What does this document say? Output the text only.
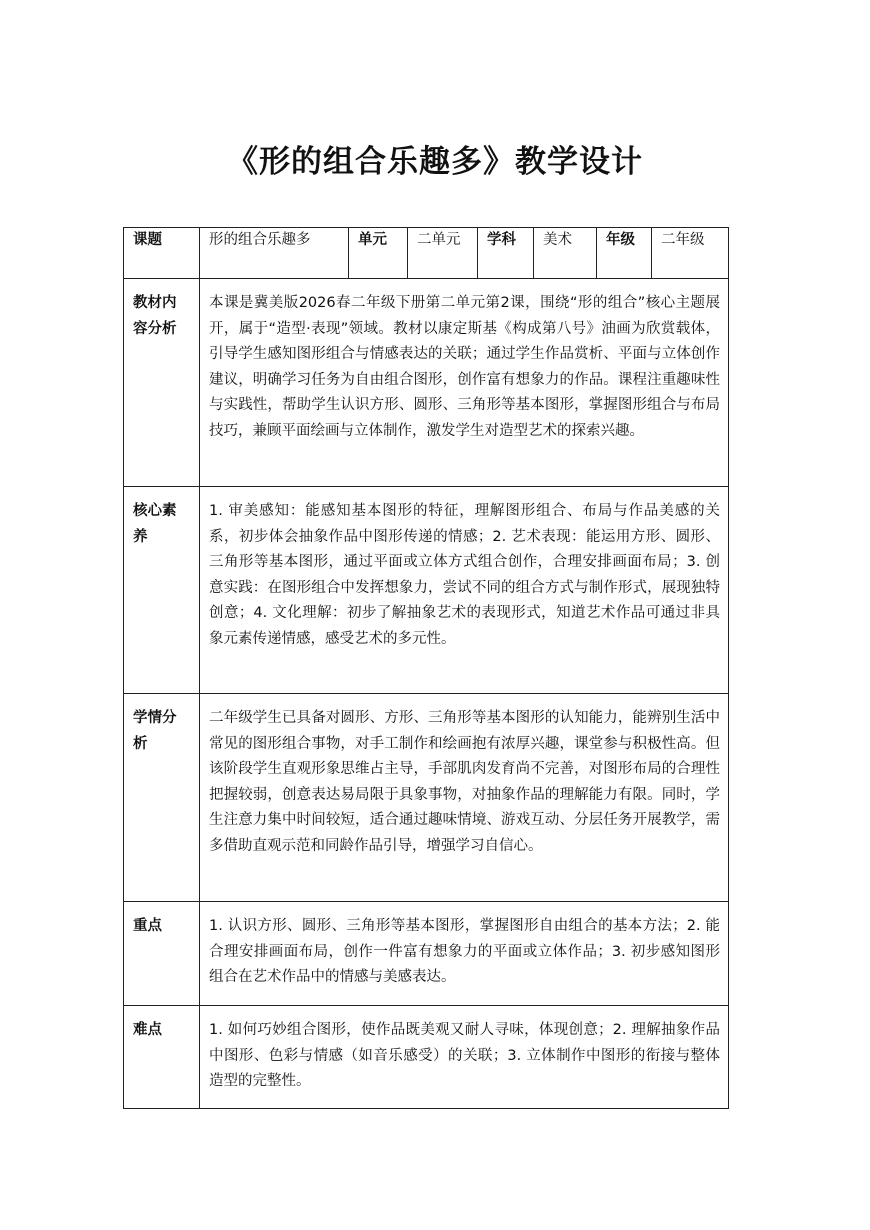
《形的组合乐趣多》教学设计
课题	形的组合乐趣多	单元	二单元	学科	美术	年级	二年级

教材内容分析	本课是冀美版2026春二年级下册第二单元第2课，围绕“形的组合”核心主题展开，属于“造型·表现”领域。教材以康定斯基《构成第八号》油画为欣赏载体，引导学生感知图形组合与情感表达的关联；通过学生作品赏析、平面与立体创作建议，明确学习任务为自由组合图形，创作富有想象力的作品。课程注重趣味性与实践性，帮助学生认识方形、圆形、三角形等基本图形，掌握图形组合与布局技巧，兼顾平面绘画与立体制作，激发学生对造型艺术的探索兴趣。						
核心素养	1. 审美感知：能感知基本图形的特征，理解图形组合、布局与作品美感的关系，初步体会抽象作品中图形传递的情感；2. 艺术表现：能运用方形、圆形、三角形等基本图形，通过平面或立体方式组合创作，合理安排画面布局；3. 创意实践：在图形组合中发挥想象力，尝试不同的组合方式与制作形式，展现独特创意；4. 文化理解：初步了解抽象艺术的表现形式，知道艺术作品可通过非具象元素传递情感，感受艺术的多元性。						
学情分析	二年级学生已具备对圆形、方形、三角形等基本图形的认知能力，能辨别生活中常见的图形组合事物，对手工制作和绘画抱有浓厚兴趣，课堂参与积极性高。但该阶段学生直观形象思维占主导，手部肌肉发育尚不完善，对图形布局的合理性把握较弱，创意表达易局限于具象事物，对抽象作品的理解能力有限。同时，学生注意力集中时间较短，适合通过趣味情境、游戏互动、分层任务开展教学，需多借助直观示范和同龄作品引导，增强学习自信心。						
重点	1. 认识方形、圆形、三角形等基本图形，掌握图形自由组合的基本方法；2. 能合理安排画面布局，创作一件富有想象力的平面或立体作品；3. 初步感知图形组合在艺术作品中的情感与美感表达。						
难点	1. 如何巧妙组合图形，使作品既美观又耐人寻味，体现创意；2. 理解抽象作品中图形、色彩与情感（如音乐感受）的关联；3. 立体制作中图形的衔接与整体造型的完整性。						
